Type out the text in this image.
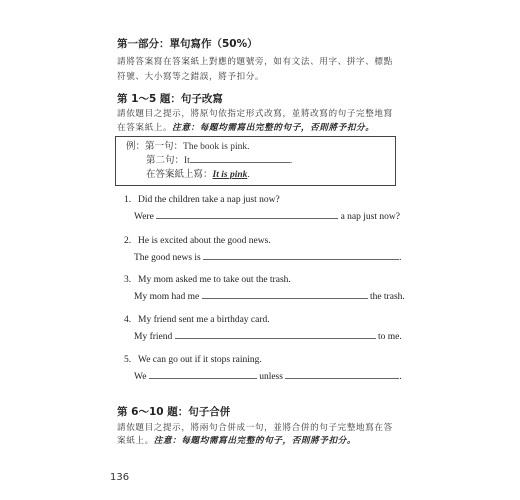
第一部分：單句寫作（50%）
請將答案寫在答案紙上對應的題號旁，如有文法、用字、拼字、標點
符號、大小寫等之錯誤，將予扣分。
第 1～5 題：句子改寫
請依題目之提示，將原句依指定形式改寫，並將改寫的句子完整地寫
在答案紙上。注意：每題均需寫出完整的句子，否則將予扣分。
例：第一句：The book is pink.
第二句：It	.
在答案紙上寫：It is pink.
1. Did the children take a nap just now?
Were	a nap just now?
2. He is excited about the good news.
The good news is	.
3. My mom asked me to take out the trash.
My mom had me	the trash.
4. My friend sent me a birthday card.
My friend	to me.
5. We can go out if it stops raining.
We	unless	.
第 6～10 題：句子合併
請依題目之提示，將兩句合併成一句，並將合併的句子完整地寫在答
案紙上。注意：每題均需寫出完整的句子，否則將予扣分。
136
